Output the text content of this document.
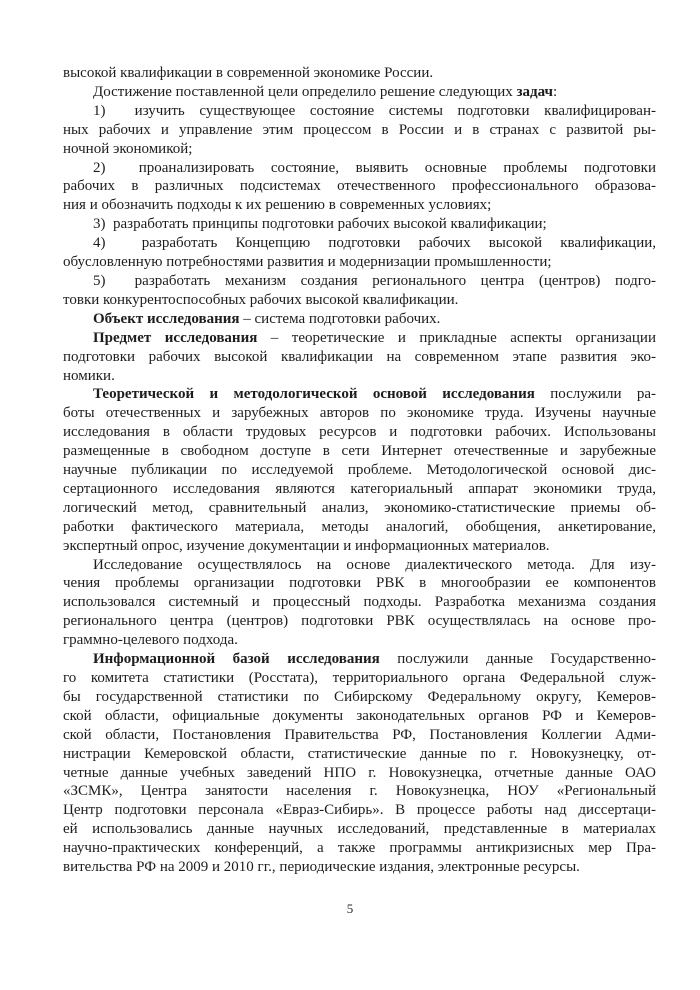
высокой квалификации в современной экономике России.
Достижение поставленной цели определило решение следующих задач:
1)  изучить существующее состояние системы подготовки квалифицирован-
ных рабочих и управление этим процессом в России и в странах с развитой ры-
ночной экономикой;
2)  проанализировать состояние, выявить основные проблемы подготовки
рабочих в различных подсистемах отечественного профессионального образова-
ния и обозначить подходы к их решению в современных условиях;
3)  разработать принципы подготовки рабочих высокой квалификации;
4)  разработать Концепцию подготовки рабочих высокой квалификации,
обусловленную потребностями развития и модернизации промышленности;
5)  разработать механизм создания регионального центра (центров) подго-
товки конкурентоспособных рабочих высокой квалификации.
Объект исследования – система подготовки рабочих.
Предмет исследования – теоретические и прикладные аспекты организации
подготовки рабочих высокой квалификации на современном этапе развития эко-
номики.
Теоретической и методологической основой исследования послужили ра-
боты отечественных и зарубежных авторов по экономике труда. Изучены научные
исследования в области трудовых ресурсов и подготовки рабочих. Использованы
размещенные в свободном доступе в сети Интернет отечественные и зарубежные
научные публикации по исследуемой проблеме. Методологической основой дис-
сертационного исследования являются категориальный аппарат экономики труда,
логический метод, сравнительный анализ, экономико-статистические приемы об-
работки фактического материала, методы аналогий, обобщения, анкетирование,
экспертный опрос, изучение документации и информационных материалов.
Исследование осуществлялось на основе диалектического метода. Для изу-
чения проблемы организации подготовки РВК в многообразии ее компонентов
использовался системный и процессный подходы. Разработка механизма создания
регионального центра (центров) подготовки РВК осуществлялась на основе про-
граммно-целевого подхода.
Информационной базой исследования послужили данные Государственно-
го комитета статистики (Росстата), территориального органа Федеральной служ-
бы государственной статистики по Сибирскому Федеральному округу, Кемеров-
ской области, официальные документы законодательных органов РФ и Кемеров-
ской области, Постановления Правительства РФ, Постановления Коллегии Адми-
нистрации Кемеровской области, статистические данные по г. Новокузнецку, от-
четные данные учебных заведений НПО г. Новокузнецка, отчетные данные ОАО
«ЗСМК», Центра занятости населения г. Новокузнецка, НОУ «Региональный
Центр подготовки персонала «Евраз-Сибирь». В процессе работы над диссертаци-
ей использовались данные научных исследований, представленные в материалах
научно-практических конференций, а также программы антикризисных мер Пра-
вительства РФ на 2009 и 2010 гг., периодические издания, электронные ресурсы.
5
